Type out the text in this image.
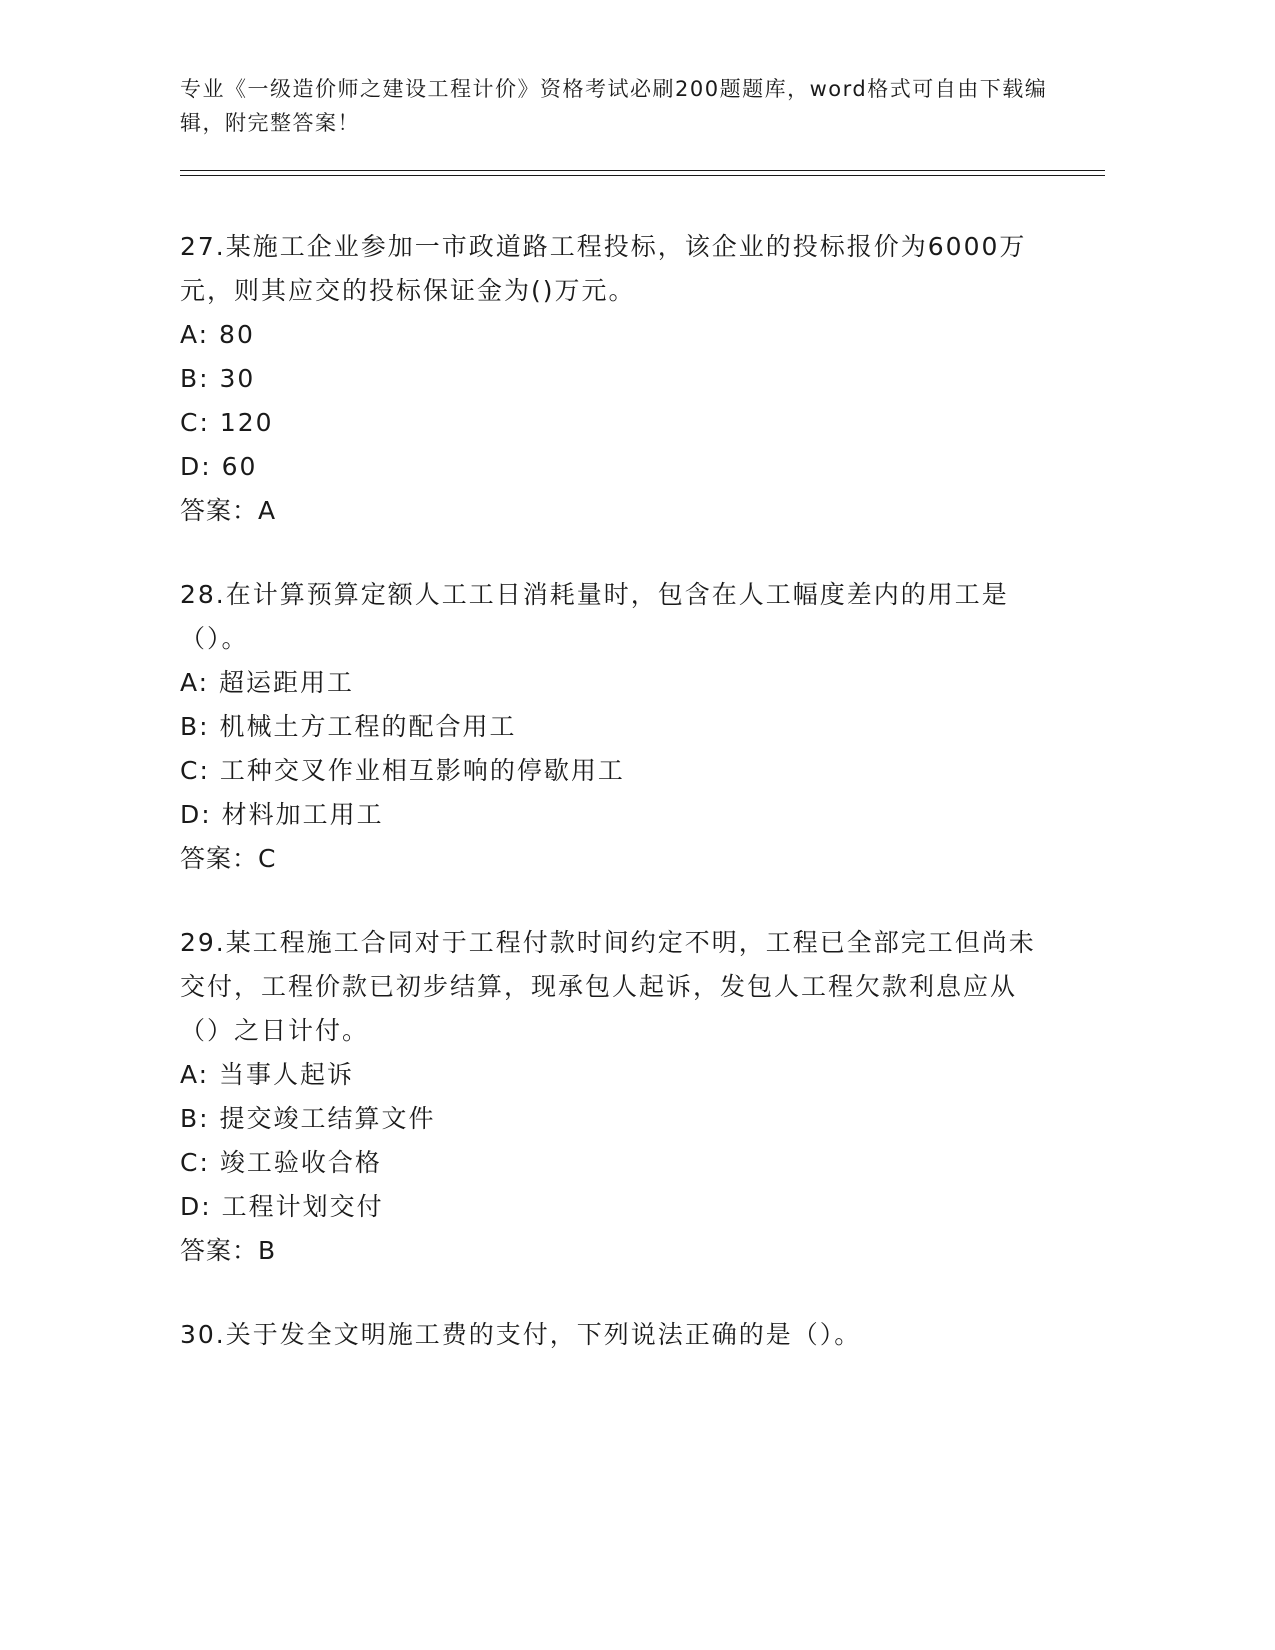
专业《一级造价师之建设工程计价》资格考试必刷200题题库，word格式可自由下载编辑，附完整答案！

27.某施工企业参加一市政道路工程投标，该企业的投标报价为6000万元，则其应交的投标保证金为()万元。

A: 80
B: 30
C: 120
D: 60
答案：A

28.在计算预算定额人工工日消耗量时，包含在人工幅度差内的用工是（）。

A: 超运距用工
B: 机械土方工程的配合用工
C: 工种交叉作业相互影响的停歇用工
D: 材料加工用工
答案：C

29.某工程施工合同对于工程付款时间约定不明，工程已全部完工但尚未交付，工程价款已初步结算，现承包人起诉，发包人工程欠款利息应从（）之日计付。

A: 当事人起诉
B: 提交竣工结算文件
C: 竣工验收合格
D: 工程计划交付
答案：B

30.关于发全文明施工费的支付，下列说法正确的是（）。
